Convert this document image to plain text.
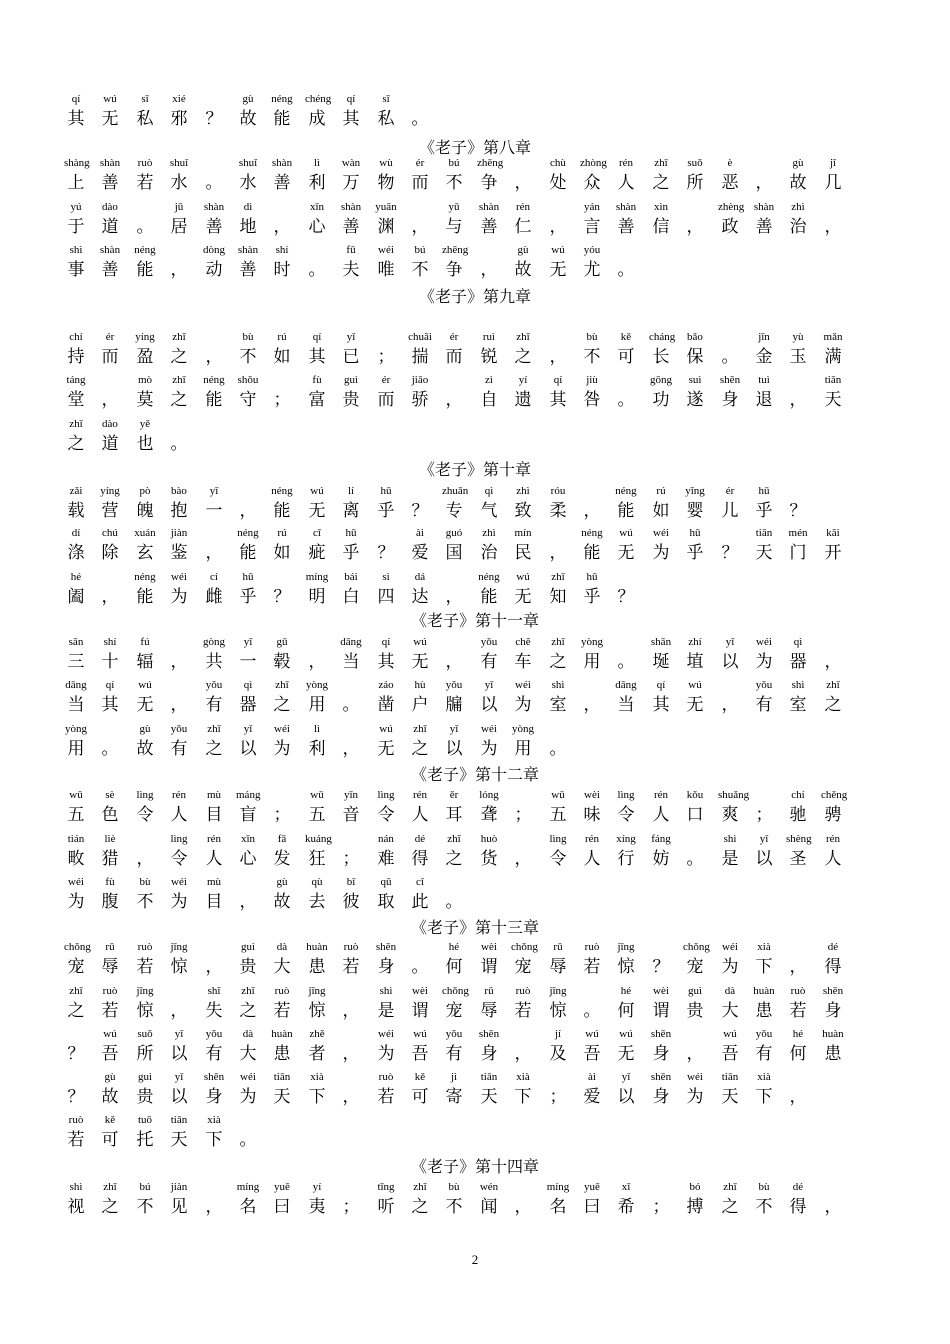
qí
其
wú
无
sī
私
xié
邪 ？
gù
故
néng
能
chéng
成
qí
其
sī
私 。
《老子》第八章
shàng
上
shàn
善
ruò
若
shuǐ
水 。
shuǐ
水
shàn
善
lì
利
wàn
万
wù
物
ér
而
bú
不
zhēng
争 ，
chù
处
zhòng
众
rén
人
zhī
之
suǒ
所
è
恶 ，
gù
故
jī
几
yú
于
dào
道 。
jū
居
shàn
善
dì
地 ，
xīn
心
shàn
善
yuān
渊 ，
yǔ
与
shàn
善
rén
仁 ，
yán
言
shàn
善
xìn
信 ，
zhèng
政
shàn
善
zhì
治 ，
shì
事
shàn
善
néng
能 ，
dòng
动
shàn
善
shí
时 。
fū
夫
wéi
唯
bú
不
zhēng
争 ，
gù
故
wú
无
yóu
尤 。
《老子》第九章
chí
持
ér
而
yíng
盈
zhī
之 ，
bù
不
rú
如
qí
其
yǐ
已 ；
chuāi
揣
ér
而
ruì
锐
zhī
之 ，
bù
不
kě
可
cháng
长
bǎo
保 。
jīn
金
yù
玉
mǎn
满
táng
堂 ，
mò
莫
zhī
之
néng
能
shǒu
守 ；
fù
富
guì
贵
ér
而
jiāo
骄 ，
zì
自
yí
遗
qí
其
jiù
咎 。
gōng
功
suì
遂
shēn
身
tuì
退 ，
tiān
天
zhī
之
dào
道
yě
也 。
《老子》第十章
zǎi
载
yíng
营
pò
魄
bào
抱
yī
一 ，
néng
能
wú
无
lí
离
hū
乎 ？
zhuān
专
qì
气
zhì
致
róu
柔 ，
néng
能
rú
如
yīng
婴
ér
儿
hū
乎 ？
dí
涤
chú
除
xuán
玄
jiàn
鉴 ，
néng
能
rú
如
cī
疵
hū
乎 ？
ài
爱
guó
国
zhì
治
mín
民 ，
néng
能
wú
无
wéi
为
hū
乎 ？
tiān
天
mén
门
kāi
开
hé
阖 ，
néng
能
wéi
为
cí
雌
hū
乎 ？
míng
明
bái
白
sì
四
dá
达 ，
néng
能
wú
无
zhī
知
hū
乎 ？
《老子》第十一章
sān
三
shí
十
fú
辐 ，
gòng
共
yī
一
gǔ
毂 ，
dāng
当
qí
其
wú
无 ，
yǒu
有
chē
车
zhī
之
yòng
用 。
shān
埏
zhí
埴
yǐ
以
wéi
为
qì
器 ，
dāng
当
qí
其
wú
无 ，
yǒu
有
qì
器
zhī
之
yòng
用 。
záo
凿
hù
户
yǒu
牖
yǐ
以
wéi
为
shì
室 ，
dāng
当
qí
其
wú
无 ，
yǒu
有
shì
室
zhī
之
yòng
用 。
gù
故
yǒu
有
zhī
之
yǐ
以
wéi
为
lì
利 ，
wú
无
zhī
之
yǐ
以
wéi
为
yòng
用 。
《老子》第十二章
wǔ
五
sè
色
lìng
令
rén
人
mù
目
máng
盲 ；
wǔ
五
yīn
音
lìng
令
rén
人
ěr
耳
lóng
聋 ；
wǔ
五
wèi
味
lìng
令
rén
人
kǒu
口
shuǎng
爽 ；
chí
驰
chěng
骋
tián
畋
liè
猎 ，
lìng
令
rén
人
xīn
心
fā
发
kuáng
狂 ；
nán
难
dé
得
zhī
之
huò
货 ，
lìng
令
rén
人
xíng
行
fáng
妨 。
shì
是
yǐ
以
shèng
圣
rén
人
wéi
为
fù
腹
bù
不
wéi
为
mù
目 ，
gù
故
qù
去
bǐ
彼
qǔ
取
cǐ
此 。
《老子》第十三章
chǒng
宠
rǔ
辱
ruò
若
jīng
惊 ，
guì
贵
dà
大
huàn
患
ruò
若
shēn
身 。
hé
何
wèi
谓
chǒng
宠
rǔ
辱
ruò
若
jīng
惊 ？
chǒng
宠
wéi
为
xià
下 ，
dé
得
zhī
之
ruò
若
jīng
惊 ，
shī
失
zhī
之
ruò
若
jīng
惊 ，
shì
是
wèi
谓
chǒng
宠
rǔ
辱
ruò
若
jīng
惊 。
hé
何
wèi
谓
guì
贵
dà
大
huàn
患
ruò
若
shēn
身
？
wú
吾
suǒ
所
yǐ
以
yǒu
有
dà
大
huàn
患
zhě
者 ，
wéi
为
wú
吾
yǒu
有
shēn
身 ，
jí
及
wú
吾
wú
无
shēn
身 ，
wú
吾
yǒu
有
hé
何
huàn
患
？
gù
故
guì
贵
yǐ
以
shēn
身
wéi
为
tiān
天
xià
下 ，
ruò
若
kě
可
jì
寄
tiān
天
xià
下 ；
ài
爱
yǐ
以
shēn
身
wéi
为
tiān
天
xià
下 ，
ruò
若
kě
可
tuō
托
tiān
天
xià
下 。
《老子》第十四章
shì
视
zhī
之
bú
不
jiàn
见 ，
míng
名
yuē
曰
yí
夷 ；
tīng
听
zhī
之
bù
不
wén
闻 ，
míng
名
yuē
曰
xī
希 ；
bó
搏
zhī
之
bù
不
dé
得 ，
2
